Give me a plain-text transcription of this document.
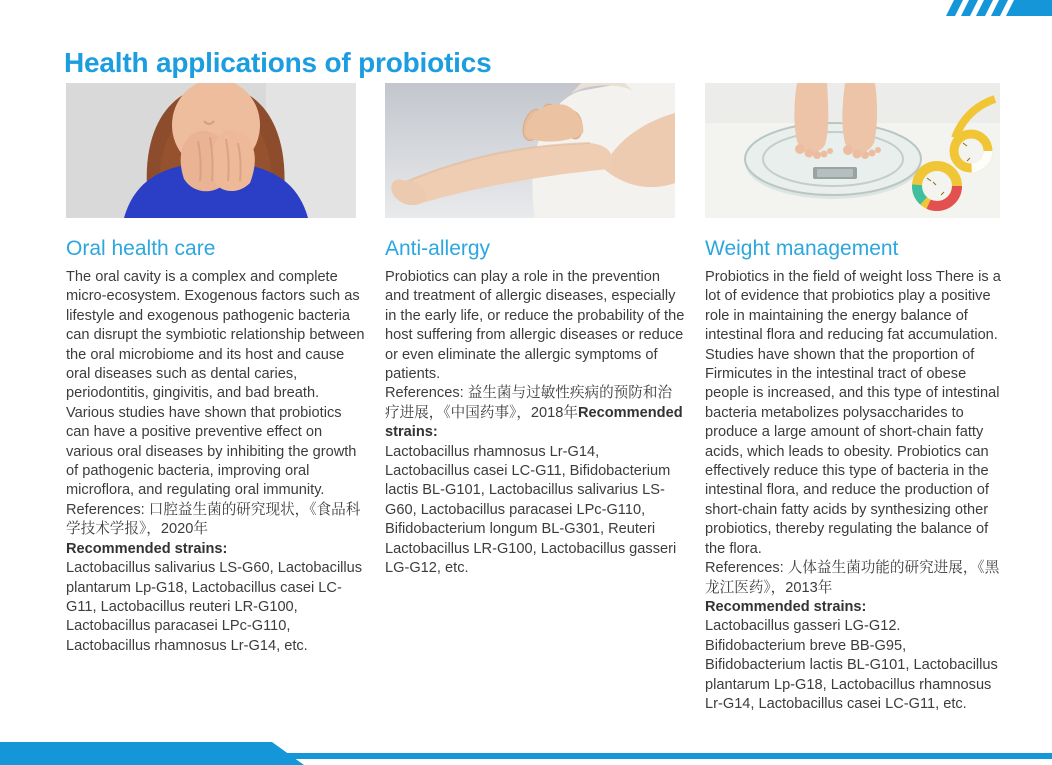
Health applications of probiotics
Oral health care
The oral cavity is a complex and complete micro-ecosystem. Exogenous factors such as lifestyle and exogenous pathogenic bacteria can disrupt the symbiotic relationship between the oral microbiome and its host and cause oral diseases such as dental caries, periodontitis, gingivitis, and bad breath. Various studies have shown that probiotics can have a positive preventive effect on various oral diseases by inhibiting the growth of pathogenic bacteria, improving oral microflora, and regulating oral immunity.
References: 口腔益生菌的研究现状，《食品科学技术学报》，2020年
Recommended strains:
Lactobacillus salivarius LS-G60, Lactobacillus plantarum Lp-G18, Lactobacillus casei LC-G11, Lactobacillus reuteri LR-G100, Lactobacillus paracasei LPc-G110, Lactobacillus rhamnosus Lr-G14, etc.
Anti-allergy
Probiotics can play a role in the prevention and treatment of allergic diseases, especially in the early life, or reduce the probability of the host suffering from allergic diseases or reduce or even eliminate the allergic symptoms of patients.
References: 益生菌与过敏性疾病的预防和治疗进展，《中国药事》，2018年Recommended strains:
Lactobacillus rhamnosus Lr-G14, Lactobacillus casei LC-G11, Bifidobacterium lactis BL-G101, Lactobacillus salivarius LS-G60, Lactobacillus paracasei LPc-G110, Bifidobacterium longum BL-G301, Reuteri Lactobacillus LR-G100, Lactobacillus gasseri LG-G12, etc.
Weight management
Probiotics in the field of weight loss There is a lot of evidence that probiotics play a positive role in maintaining the energy balance of intestinal flora and reducing fat accumulation. Studies have shown that the proportion of Firmicutes in the intestinal tract of obese people is increased, and this type of intestinal bacteria metabolizes polysaccharides to produce a large amount of short-chain fatty acids, which leads to obesity. Probiotics can effectively reduce this type of bacteria in the intestinal flora, and reduce the production of short-chain fatty acids by synthesizing other probiotics, thereby regulating the balance of the flora.
References: 人体益生菌功能的研究进展，《黑龙江医药》，2013年
Recommended strains:
Lactobacillus gasseri LG-G12. Bifidobacterium breve BB-G95, Bifidobacterium lactis BL-G101, Lactobacillus plantarum Lp-G18, Lactobacillus rhamnosus Lr-G14, Lactobacillus casei LC-G11, etc.
